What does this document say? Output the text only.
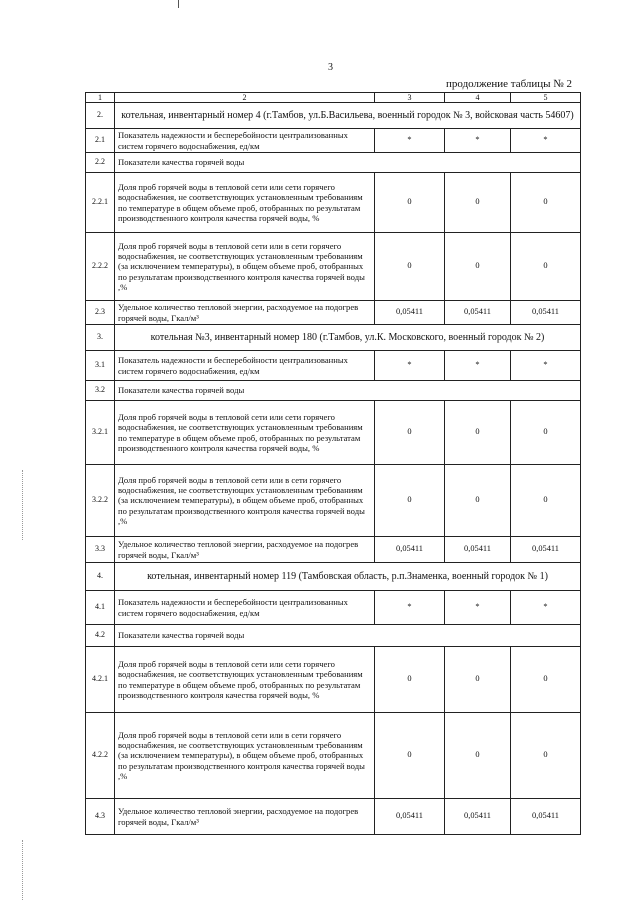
3
продолжение таблицы № 2
1	2	3	4	5
2.	котельная, инвентарный номер 4 (г.Тамбов, ул.Б.Васильева, военный городок № 3, войсковая часть 54607)			
2.1	Показатель надежности и бесперебойности централизованных систем горячего водоснабжения, ед/км	*	*	*
2.2	Показатели качества горячей воды			
2.2.1	Доля проб горячей воды в тепловой сети или сети горячего водоснабжения, не соответствующих установленным требованиям по температуре в общем объеме проб, отобранных по результатам производственного контроля качества горячей воды, %	0	0	0
2.2.2	Доля проб горячей воды в тепловой сети или в сети горячего водоснабжения, не соответствующих установленным требованиям (за исключением температуры), в общем объеме проб, отобранных по результатам производственного контроля качества горячей воды ,%	0	0	0
2.3	Удельное количество тепловой энергии, расходуемое на подогрев горячей воды, Гкал/м³	0,05411	0,05411	0,05411
3.	котельная №3, инвентарный номер 180 (г.Тамбов, ул.К. Московского, военный городок № 2)			
3.1	Показатель надежности и бесперебойности централизованных систем горячего водоснабжения, ед/км	*	*	*
3.2	Показатели качества горячей воды			
3.2.1	Доля проб горячей воды в тепловой сети или сети горячего водоснабжения, не соответствующих установленным требованиям по температуре в общем объеме проб, отобранных по результатам производственного контроля качества горячей воды, %	0	0	0
3.2.2	Доля проб горячей воды в тепловой сети или в сети горячего водоснабжения, не соответствующих установленным требованиям (за исключением температуры), в общем объеме проб, отобранных по результатам производственного контроля качества горячей воды ,%	0	0	0
3.3	Удельное количество тепловой энергии, расходуемое на подогрев горячей воды, Гкал/м³	0,05411	0,05411	0,05411
4.	котельная, инвентарный номер 119 (Тамбовская область, р.п.Знаменка, военный городок № 1)			
4.1	Показатель надежности и бесперебойности централизованных систем горячего водоснабжения, ед/км	*	*	*
4.2	Показатели качества горячей воды			
4.2.1	Доля проб горячей воды в тепловой сети или сети горячего водоснабжения, не соответствующих установленным требованиям по температуре в общем объеме проб, отобранных по результатам производственного контроля качества горячей воды, %	0	0	0
4.2.2	Доля проб горячей воды в тепловой сети или в сети горячего водоснабжения, не соответствующих установленным требованиям (за исключением температуры), в общем объеме проб, отобранных по результатам производственного контроля качества горячей воды ,%	0	0	0
4.3	Удельное количество тепловой энергии, расходуемое на подогрев горячей воды, Гкал/м³	0,05411	0,05411	0,05411
